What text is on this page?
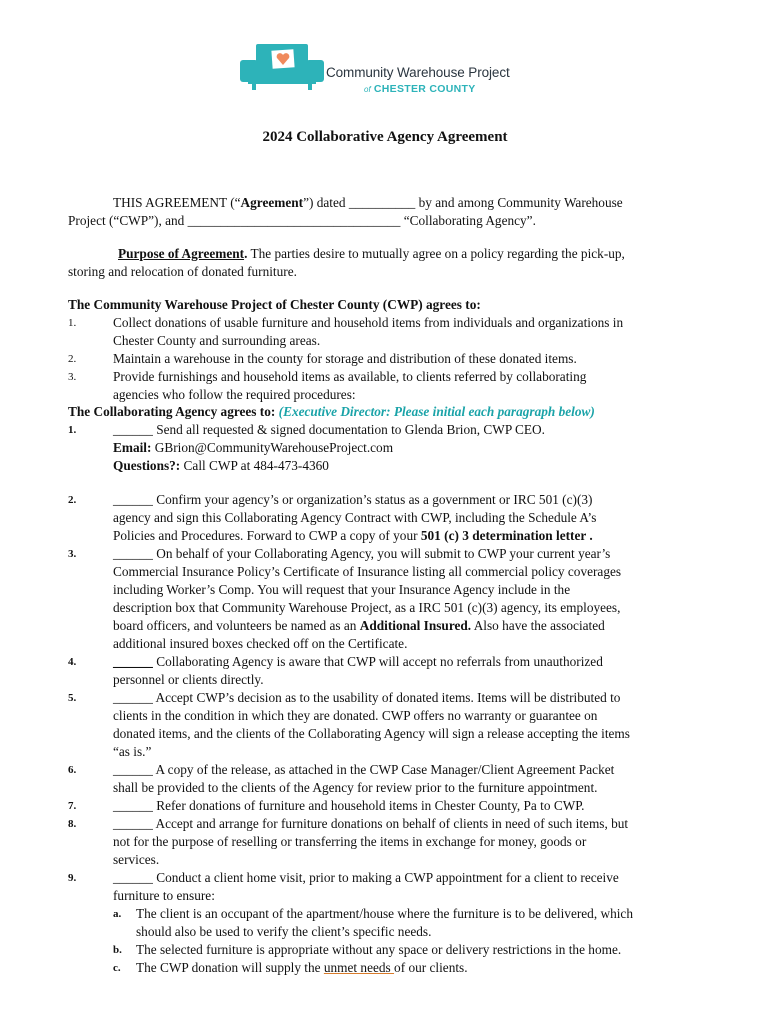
Community Warehouse Project
of CHESTER COUNTY
2024 Collaborative Agency Agreement
THIS AGREEMENT (“Agreement”) dated __________ by and among Community Warehouse
Project (“CWP”), and ________________________________ “Collaborating Agency”.
Purpose of Agreement. The parties desire to mutually agree on a policy regarding the pick-up,
storing and relocation of donated furniture.
The Community Warehouse Project of Chester County (CWP) agrees to:
1.	Collect donations of usable furniture and household items from individuals and organizations in
Chester County and surrounding areas.
2.	Maintain a warehouse in the county for storage and distribution of these donated items.
3.	Provide furnishings and household items as available, to clients referred by collaborating
agencies who follow the required procedures:
The Collaborating Agency agrees to: (Executive Director: Please initial each paragraph below)
1.	______ Send all requested & signed documentation to Glenda Brion, CWP CEO.
Email: GBrion@CommunityWarehouseProject.com
Questions?: Call CWP at 484-473-4360
2.	______ Confirm your agency’s or organization’s status as a government or IRC 501 (c)(3)
agency and sign this Collaborating Agency Contract with CWP, including the Schedule A’s
Policies and Procedures. Forward to CWP a copy of your 501 (c) 3 determination letter .
3.	______ On behalf of your Collaborating Agency, you will submit to CWP your current year’s
Commercial Insurance Policy’s Certificate of Insurance listing all commercial policy coverages
including Worker’s Comp. You will request that your Insurance Agency include in the
description box that Community Warehouse Project, as a IRC 501 (c)(3) agency, its employees,
board officers, and volunteers be named as an Additional Insured. Also have the associated
additional insured boxes checked off on the Certificate.
4.	______ Collaborating Agency is aware that CWP will accept no referrals from unauthorized
personnel or clients directly.
5.	______ Accept CWP’s decision as to the usability of donated items. Items will be distributed to
clients in the condition in which they are donated. CWP offers no warranty or guarantee on
donated items, and the clients of the Collaborating Agency will sign a release accepting the items
“as is.”
6.	______ A copy of the release, as attached in the CWP Case Manager/Client Agreement Packet
shall be provided to the clients of the Agency for review prior to the furniture appointment.
7.	______ Refer donations of furniture and household items in Chester County, Pa to CWP.
8.	______ Accept and arrange for furniture donations on behalf of clients in need of such items, but
not for the purpose of reselling or transferring the items in exchange for money, goods or
services.
9.	______ Conduct a client home visit, prior to making a CWP appointment for a client to receive
furniture to ensure:
a. The client is an occupant of the apartment/house where the furniture is to be delivered, which
should also be used to verify the client’s specific needs.
b. The selected furniture is appropriate without any space or delivery restrictions in the home.
c. The CWP donation will supply the unmet needs of our clients.
